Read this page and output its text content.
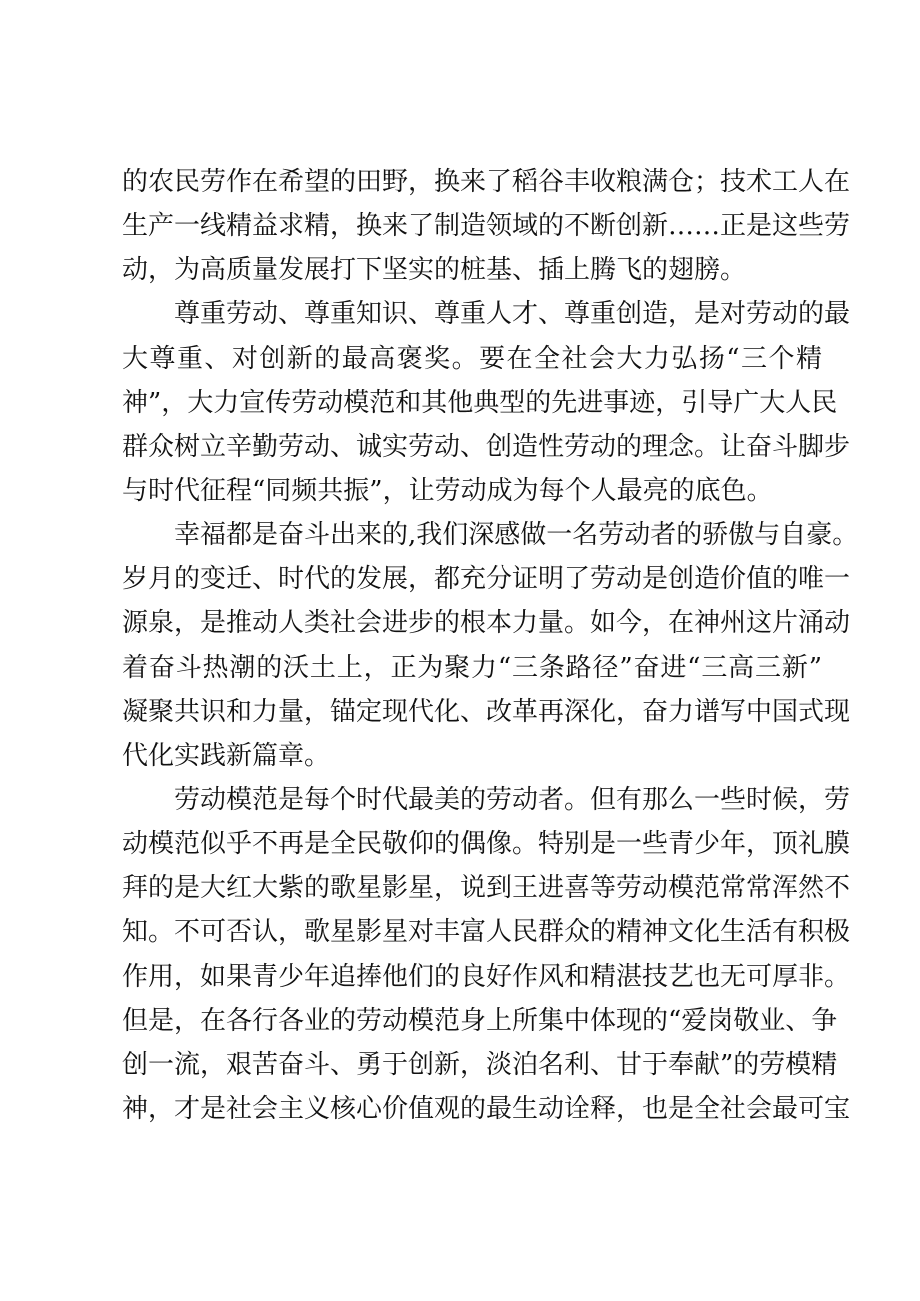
的农民劳作在希望的田野，换来了稻谷丰收粮满仓；技术工人在

生产一线精益求精，换来了制造领域的不断创新……正是这些劳

动，为高质量发展打下坚实的桩基、插上腾飞的翅膀。

尊重劳动、尊重知识、尊重人才、尊重创造，是对劳动的最

大尊重、对创新的最高褒奖。要在全社会大力弘扬“三个精

神”，大力宣传劳动模范和其他典型的先进事迹，引导广大人民

群众树立辛勤劳动、诚实劳动、创造性劳动的理念。让奋斗脚步

与时代征程“同频共振”，让劳动成为每个人最亮的底色。

幸福都是奋斗出来的,我们深感做一名劳动者的骄傲与自豪。

岁月的变迁、时代的发展，都充分证明了劳动是创造价值的唯一

源泉，是推动人类社会进步的根本力量。如今，在神州这片涌动

着奋斗热潮的沃土上，正为聚力“三条路径”奋进“三高三新”

凝聚共识和力量，锚定现代化、改革再深化，奋力谱写中国式现

代化实践新篇章。

劳动模范是每个时代最美的劳动者。但有那么一些时候，劳

动模范似乎不再是全民敬仰的偶像。特别是一些青少年，顶礼膜

拜的是大红大紫的歌星影星，说到王进喜等劳动模范常常浑然不

知。不可否认，歌星影星对丰富人民群众的精神文化生活有积极

作用，如果青少年追捧他们的良好作风和精湛技艺也无可厚非。

但是，在各行各业的劳动模范身上所集中体现的“爱岗敬业、争

创一流，艰苦奋斗、勇于创新，淡泊名利、甘于奉献”的劳模精

神，才是社会主义核心价值观的最生动诠释，也是全社会最可宝
